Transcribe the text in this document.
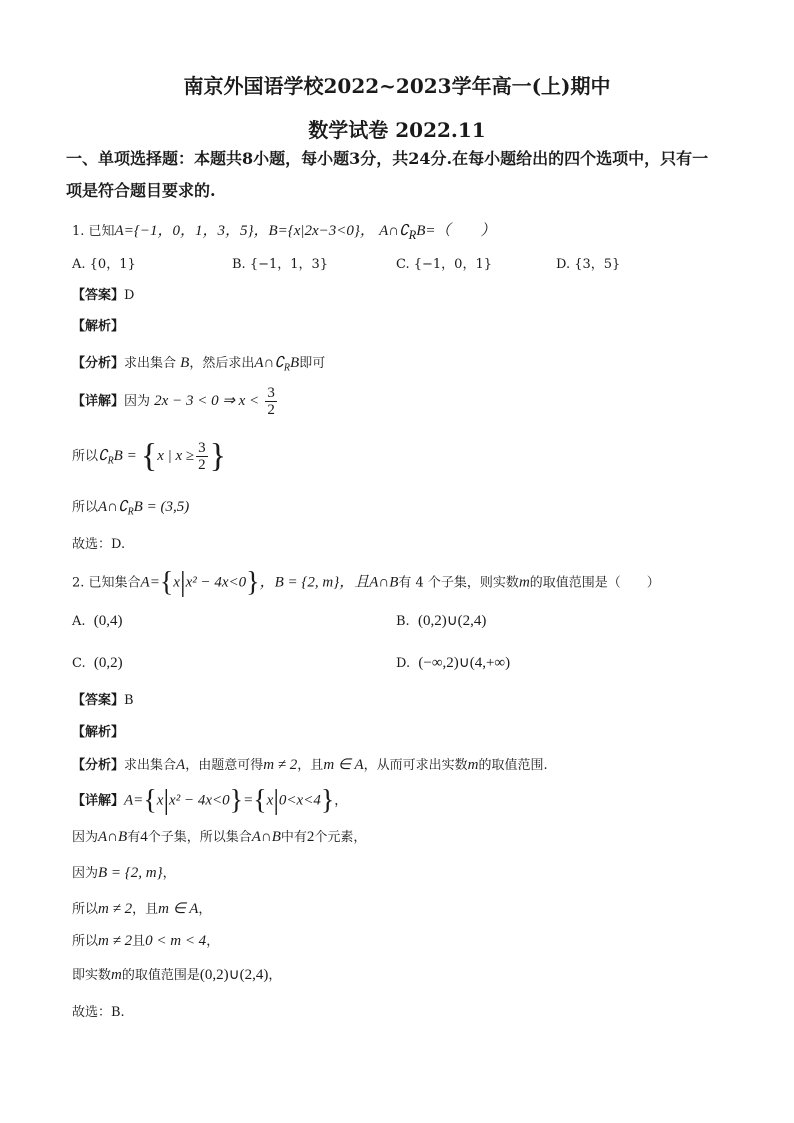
南京外国语学校2022~2023学年高一(上)期中
数学试卷 2022.11
一、单项选择题：本题共8小题，每小题3分，共24分.在每小题给出的四个选项中，只有一
项是符合题目要求的.
1. 已知A={−1，0，1，3，5}，B={x|2x−3<0}， $A\cap∁_RB=$（　　）
A. {0，1}	B. {−1，1，3}	C. {−1，0，1}	D. {3，5}
【答案】D
【解析】
【分析】求出集合 B，然后求出$A\cap∁_RB$即可
【详解】因为 2x − 3 < 0 ⇒ $x < \frac{3}{2}$
所以$∁_RB = \{x$ | $x \ge \frac{3}{2}$ }
所以$A\cap∁_RB = (3,5)$
故选：D.
2. 已知集合A={x|x² − 4x<0}，B = {2, m}，且A∩B有 4 个子集，则实数m的取值范围是（　　）
A. (0,4)	B. (0,2)∪(2,4)
C. (0,2)	D. (−∞,2)∪(4,+∞)
【答案】B
【解析】
【分析】求出集合A，由题意可得m ≠ 2，且m ∈ A，从而可求出实数m的取值范围.
【详解】A={x|x² − 4x<0}={x|0<x<4}，
因为A∩B有4个子集，所以集合A∩B中有2个元素，
因为B = {2, m}，
所以m ≠ 2，且m ∈ A，
所以m ≠ 2且0 < m < 4，
即实数m的取值范围是(0,2)∪(2,4)，
故选：B.
